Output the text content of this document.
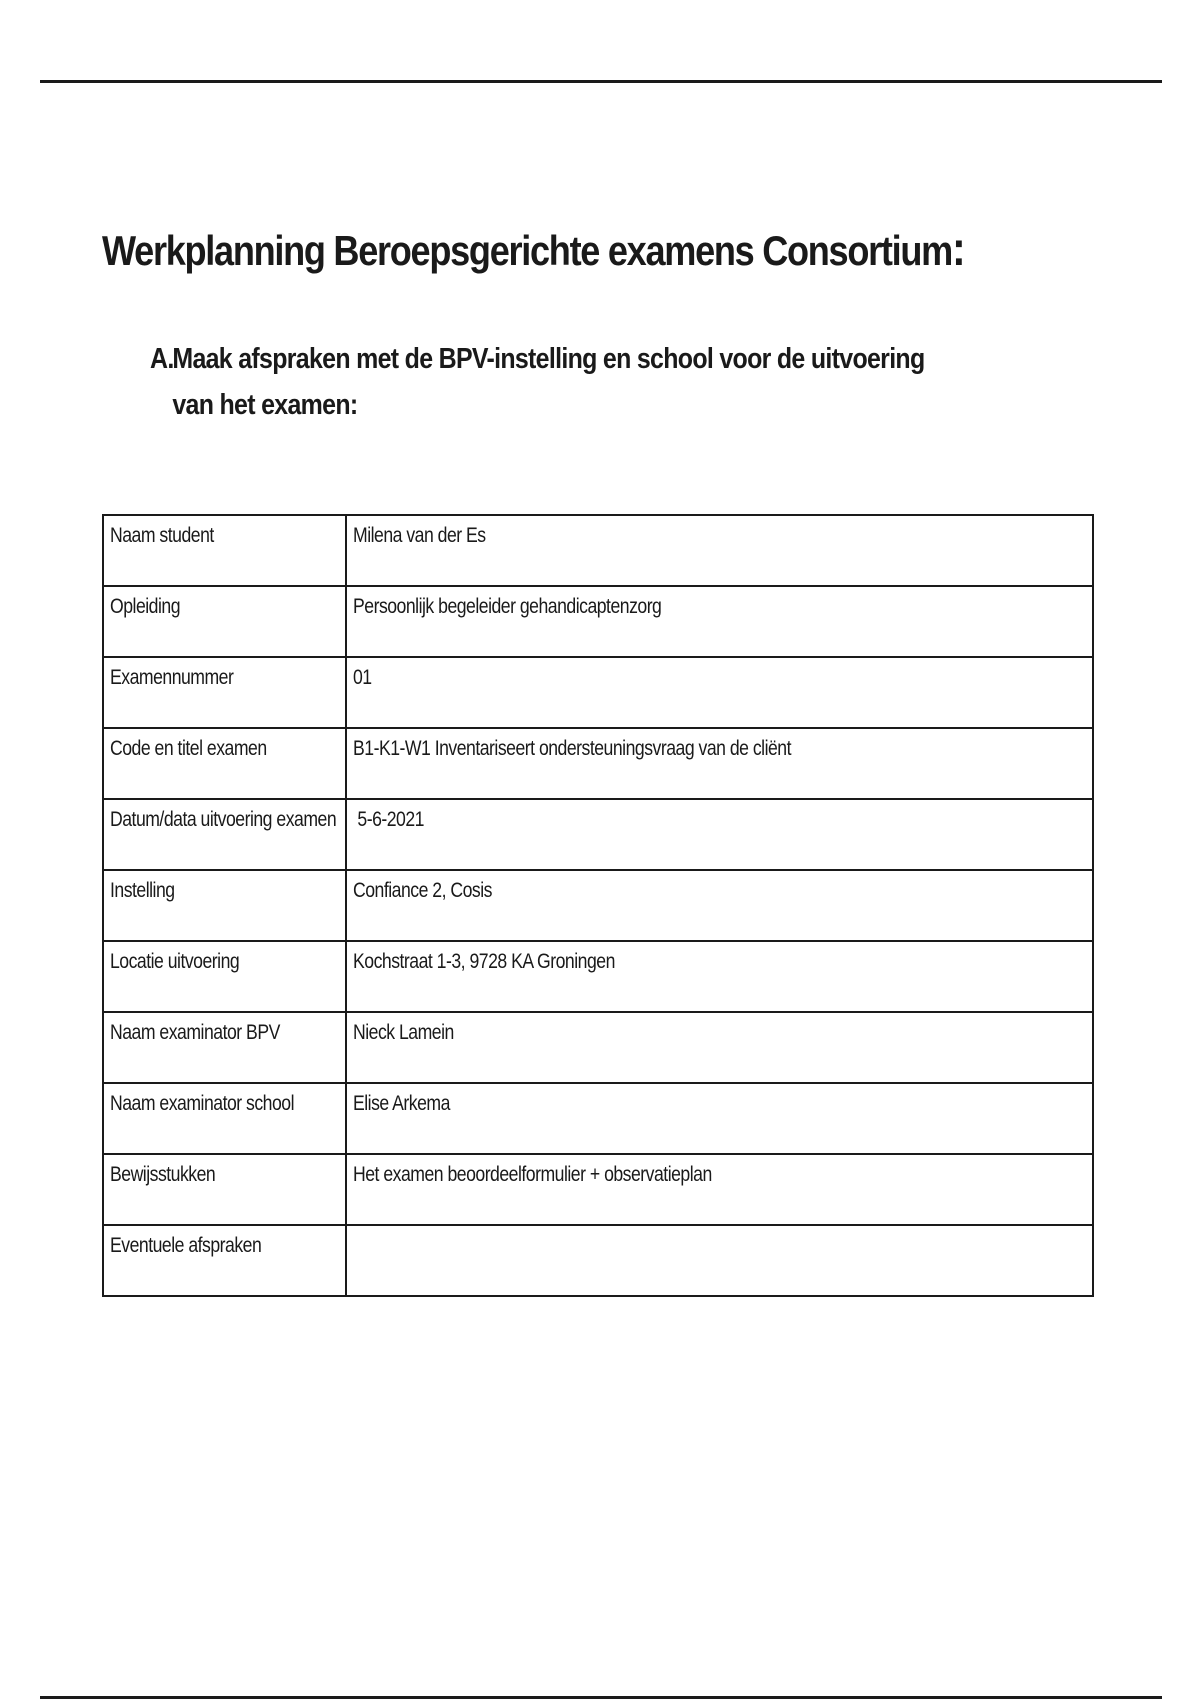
Werkplanning Beroepsgerichte examens Consortium:
A.
Maak afspraken met de BPV-instelling en school voor de uitvoering van het examen:
Naam student	Milena van der Es
Opleiding	Persoonlijk begeleider gehandicaptenzorg
Examennummer	01
Code en titel examen	B1-K1-W1 Inventariseert ondersteuningsvraag van de cliënt
Datum/data uitvoering examen	5-6-2021
Instelling	Confiance 2, Cosis
Locatie uitvoering	Kochstraat 1-3, 9728 KA Groningen
Naam examinator BPV	Nieck Lamein
Naam examinator school	Elise Arkema
Bewijsstukken	Het examen beoordeelformulier + observatieplan
Eventuele afspraken	
